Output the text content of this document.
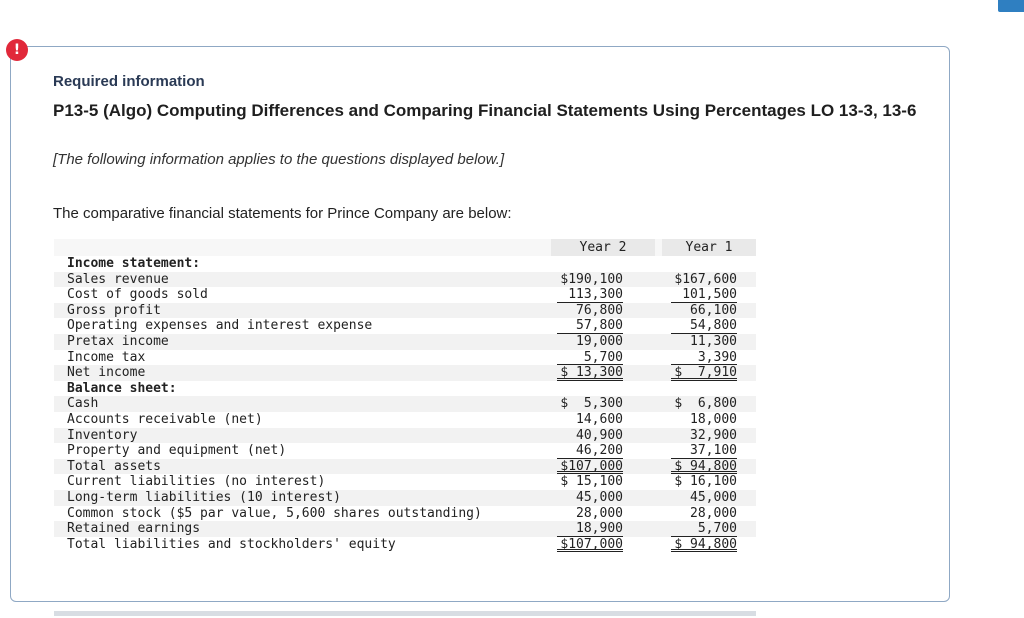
!
Required information
P13-5 (Algo) Computing Differences and Comparing Financial Statements Using Percentages LO 13-3, 13-6

[The following information applies to the questions displayed below.]

The comparative financial statements for Prince Company are below:

Year 2	Year 1
Income statement:
Sales revenue	$190,100	$167,600
Cost of goods sold	113,300	101,500
Gross profit	76,800	66,100
Operating expenses and interest expense	57,800	54,800
Pretax income	19,000	11,300
Income tax	5,700	3,390
Net income	$ 13,300	$  7,910
Balance sheet:
Cash	$  5,300	$  6,800
Accounts receivable (net)	14,600	18,000
Inventory	40,900	32,900
Property and equipment (net)	46,200	37,100
Total assets	$107,000	$ 94,800
Current liabilities (no interest)	$ 15,100	$ 16,100
Long-term liabilities (10 interest)	45,000	45,000
Common stock ($5 par value, 5,600 shares outstanding)	28,000	28,000
Retained earnings	18,900	5,700
Total liabilities and stockholders' equity	$107,000	$ 94,800
